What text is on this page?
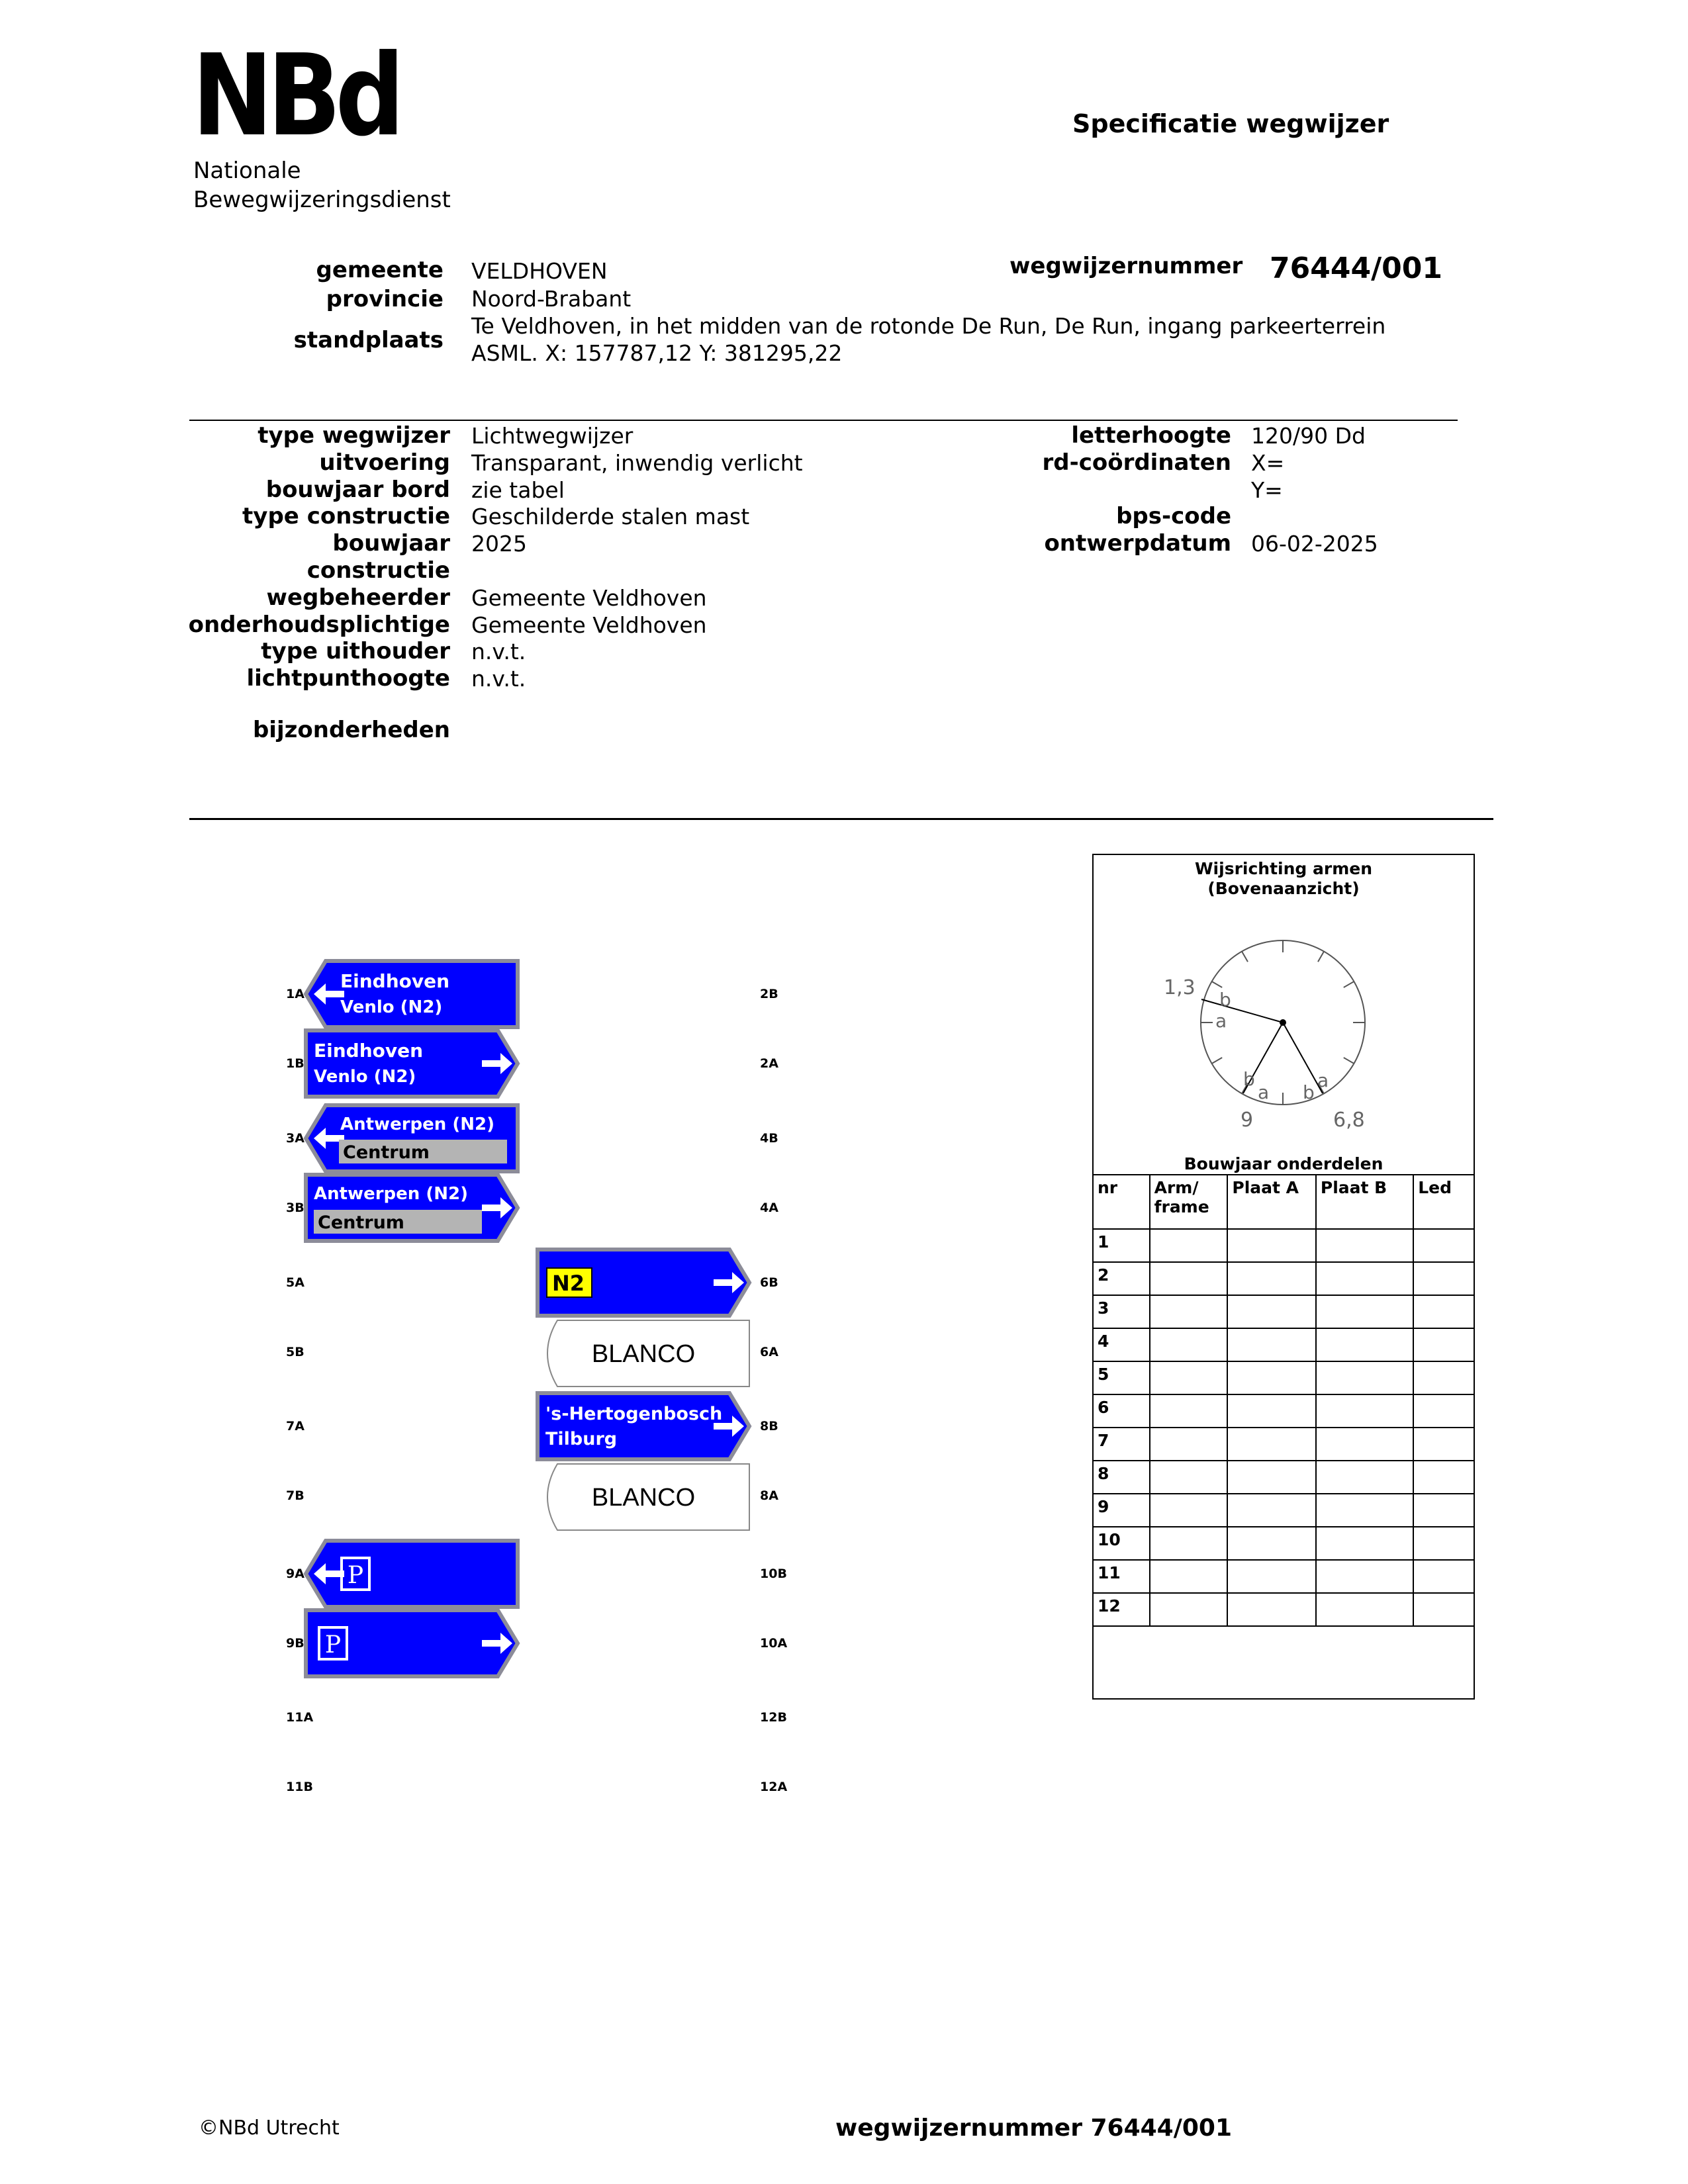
NBd
Nationale
Bewegwijzeringsdienst
Specificatie wegwijzer
gemeente VELDHOVEN
provincie Noord-Brabant
standplaats
Te Veldhoven, in het midden van de rotonde De Run, De Run, ingang parkeerterrein
ASML. X: 157787,12 Y: 381295,22
wegwijzernummer 76444/001
type wegwijzer Lichtwegwijzer
uitvoering Transparant, inwendig verlicht
bouwjaar bord zie tabel
type constructie Geschilderde stalen mast
bouwjaar 2025
constructie
wegbeheerder Gemeente Veldhoven
onderhoudsplichtige Gemeente Veldhoven
type uithouder n.v.t.
lichtpunthoogte n.v.t.
bijzonderheden
letterhoogte 120/90 Dd
rd-coördinaten X=
Y=
bps-code
ontwerpdatum 06-02-2025
1A
1B
3A
3B
5A
5B
7A
7B
9A
9B
11A
11B
2B
2A
4B
4A
6B
6A
8B
8A
10B
10A
12B
12A
Eindhoven
Venlo (N2)
Eindhoven
Venlo (N2)
Antwerpen (N2)
Centrum
Antwerpen (N2)
Centrum
N2
BLANCO
's-Hertogenbosch
Tilburg
BLANCO
P
P
Wijsrichting armen
(Bovenaanzicht)
1,3
b
a
9
b
a
6,8
b
a
Bouwjaar onderdelen
nr	Arm/ frame	Plaat A	Plaat B	Led
1				
2				
3				
4				
5				
6				
7				
8				
9				
10				
11				
12				
©NBd Utrecht	wegwijzernummer 76444/001
